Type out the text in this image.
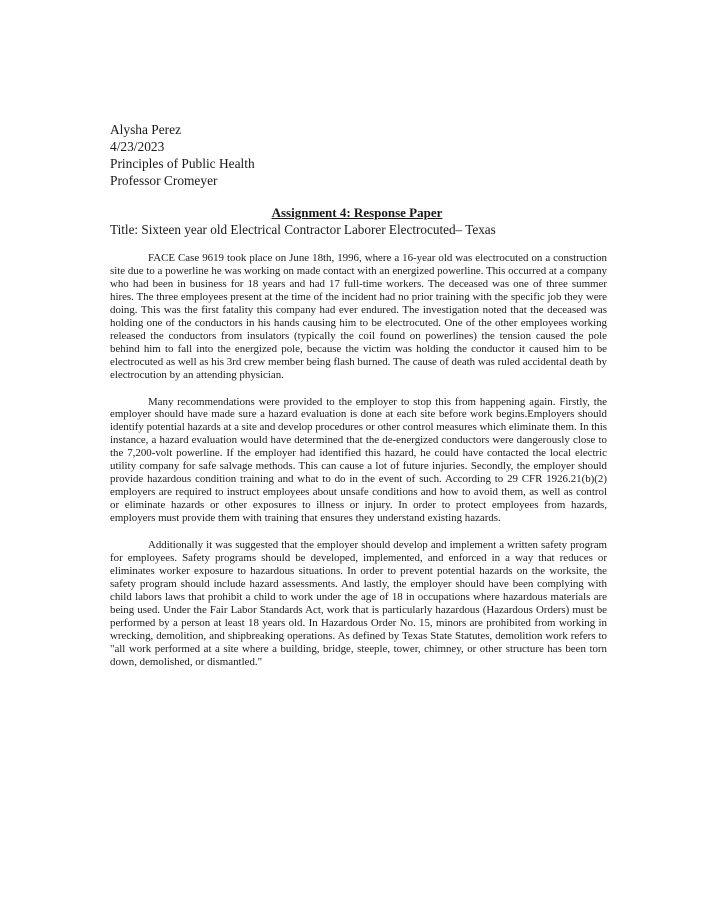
Alysha Perez
4/23/2023
Principles of Public Health
Professor Cromeyer
Assignment 4: Response Paper
Title: Sixteen year old Electrical Contractor Laborer Electrocuted– Texas

FACE Case 9619 took place on June 18th, 1996, where a 16-year old was electrocuted on a construction site due to a powerline he was working on made contact with an energized powerline. This occurred at a company who had been in business for 18 years and had 17 full-time workers. The deceased was one of three summer hires. The three employees present at the time of the incident had no prior training with the specific job they were doing. This was the first fatality this company had ever endured. The investigation noted that the deceased was holding one of the conductors in his hands causing him to be electrocuted. One of the other employees working released the conductors from insulators (typically the coil found on powerlines) the tension caused the pole behind him to fall into the energized pole, because the victim was holding the conductor it caused him to be electrocuted as well as his 3rd crew member being flash burned. The cause of death was ruled accidental death by electrocution by an attending physician.

Many recommendations were provided to the employer to stop this from happening again. Firstly, the employer should have made sure a hazard evaluation is done at each site before work begins.Employers should identify potential hazards at a site and develop procedures or other control measures which eliminate them. In this instance, a hazard evaluation would have determined that the de-energized conductors were dangerously close to the 7,200-volt powerline. If the employer had identified this hazard, he could have contacted the local electric utility company for safe salvage methods. This can cause a lot of future injuries. Secondly, the employer should provide hazardous condition training and what to do in the event of such. According to 29 CFR 1926.21(b)(2) employers are required to instruct employees about unsafe conditions and how to avoid them, as well as control or eliminate hazards or other exposures to illness or injury. In order to protect employees from hazards, employers must provide them with training that ensures they understand existing hazards.

Additionally it was suggested that the employer should develop and implement a written safety program for employees. Safety programs should be developed, implemented, and enforced in a way that reduces or eliminates worker exposure to hazardous situations. In order to prevent potential hazards on the worksite, the safety program should include hazard assessments. And lastly, the employer should have been complying with child labors laws that prohibit a child to work under the age of 18 in occupations where hazardous materials are being used. Under the Fair Labor Standards Act, work that is particularly hazardous (Hazardous Orders) must be performed by a person at least 18 years old. In Hazardous Order No. 15, minors are prohibited from working in wrecking, demolition, and shipbreaking operations. As defined by Texas State Statutes, demolition work refers to "all work performed at a site where a building, bridge, steeple, tower, chimney, or other structure has been torn down, demolished, or dismantled."
